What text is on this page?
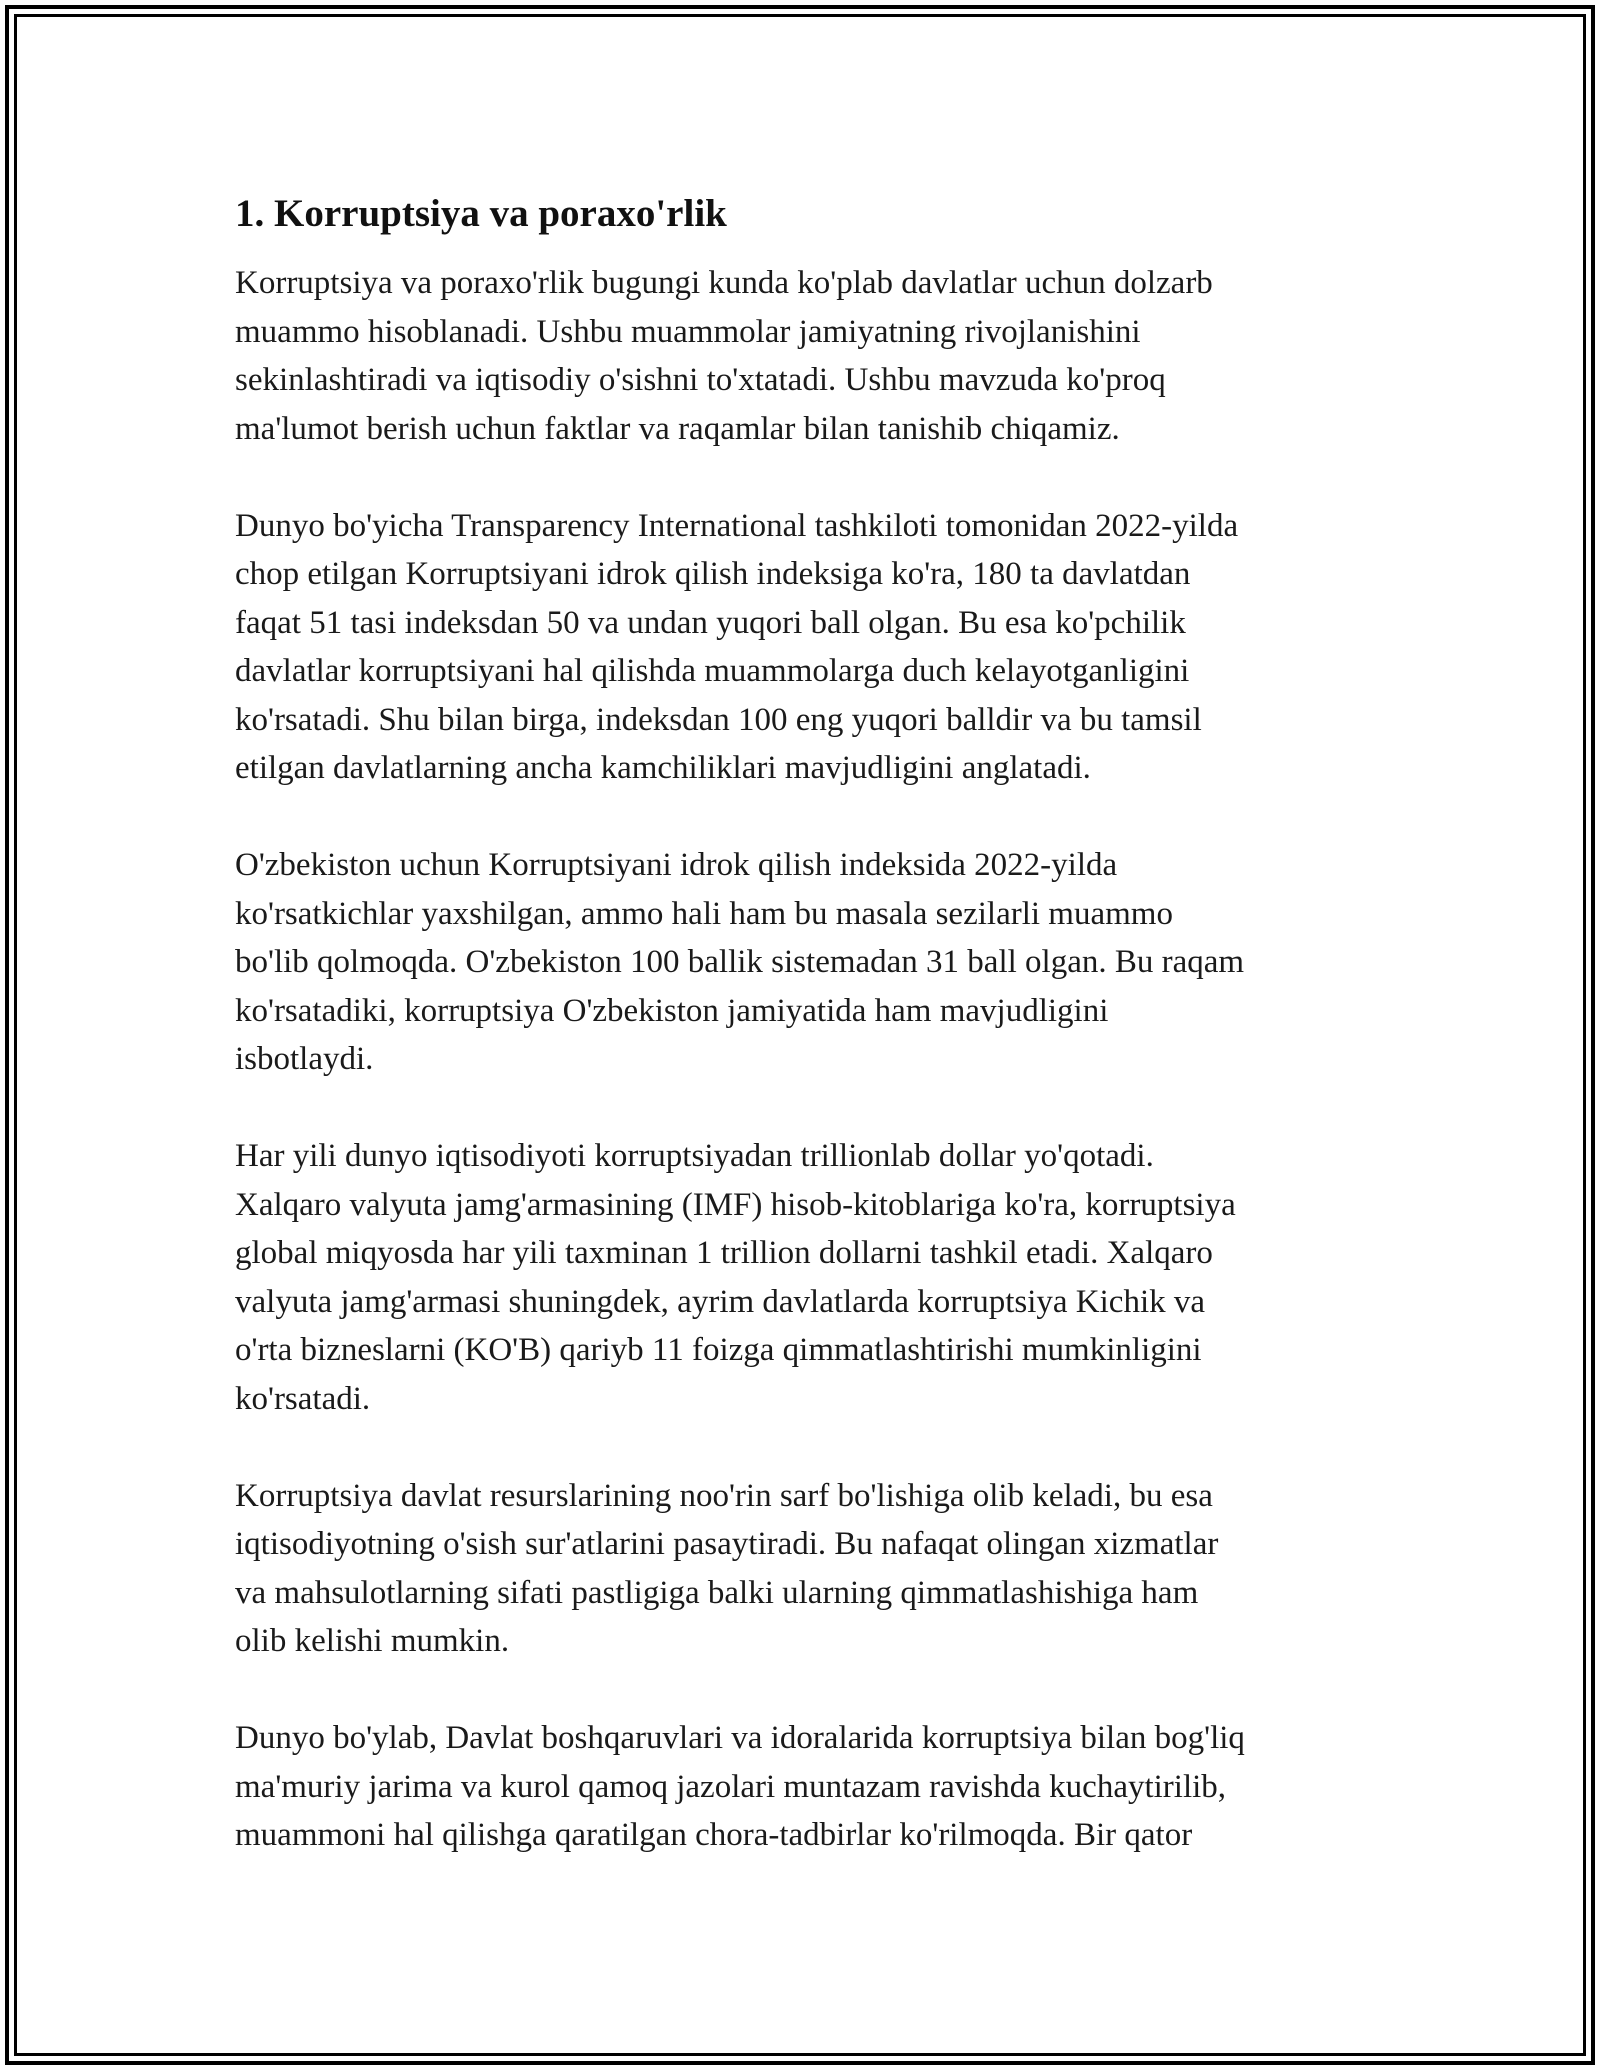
1. Korruptsiya va poraxo'rlik

Korruptsiya va poraxo'rlik bugungi kunda ko'plab davlatlar uchun dolzarb
muammo hisoblanadi. Ushbu muammolar jamiyatning rivojlanishini
sekinlashtiradi va iqtisodiy o'sishni to'xtatadi. Ushbu mavzuda ko'proq
ma'lumot berish uchun faktlar va raqamlar bilan tanishib chiqamiz.

Dunyo bo'yicha Transparency International tashkiloti tomonidan 2022-yilda
chop etilgan Korruptsiyani idrok qilish indeksiga ko'ra, 180 ta davlatdan
faqat 51 tasi indeksdan 50 va undan yuqori ball olgan. Bu esa ko'pchilik
davlatlar korruptsiyani hal qilishda muammolarga duch kelayotganligini
ko'rsatadi. Shu bilan birga, indeksdan 100 eng yuqori balldir va bu tamsil
etilgan davlatlarning ancha kamchiliklari mavjudligini anglatadi.

O'zbekiston uchun Korruptsiyani idrok qilish indeksida 2022-yilda
ko'rsatkichlar yaxshilgan, ammo hali ham bu masala sezilarli muammo
bo'lib qolmoqda. O'zbekiston 100 ballik sistemadan 31 ball olgan. Bu raqam
ko'rsatadiki, korruptsiya O'zbekiston jamiyatida ham mavjudligini
isbotlaydi.

Har yili dunyo iqtisodiyoti korruptsiyadan trillionlab dollar yo'qotadi.
Xalqaro valyuta jamg'armasining (IMF) hisob-kitoblariga ko'ra, korruptsiya
global miqyosda har yili taxminan 1 trillion dollarni tashkil etadi. Xalqaro
valyuta jamg'armasi shuningdek, ayrim davlatlarda korruptsiya Kichik va
o'rta bizneslarni (KO'B) qariyb 11 foizga qimmatlashtirishi mumkinligini
ko'rsatadi.

Korruptsiya davlat resurslarining noo'rin sarf bo'lishiga olib keladi, bu esa
iqtisodiyotning o'sish sur'atlarini pasaytiradi. Bu nafaqat olingan xizmatlar
va mahsulotlarning sifati pastligiga balki ularning qimmatlashishiga ham
olib kelishi mumkin.

Dunyo bo'ylab, Davlat boshqaruvlari va idoralarida korruptsiya bilan bog'liq
ma'muriy jarima va kurol qamoq jazolari muntazam ravishda kuchaytirilib,
muammoni hal qilishga qaratilgan chora-tadbirlar ko'rilmoqda. Bir qator
